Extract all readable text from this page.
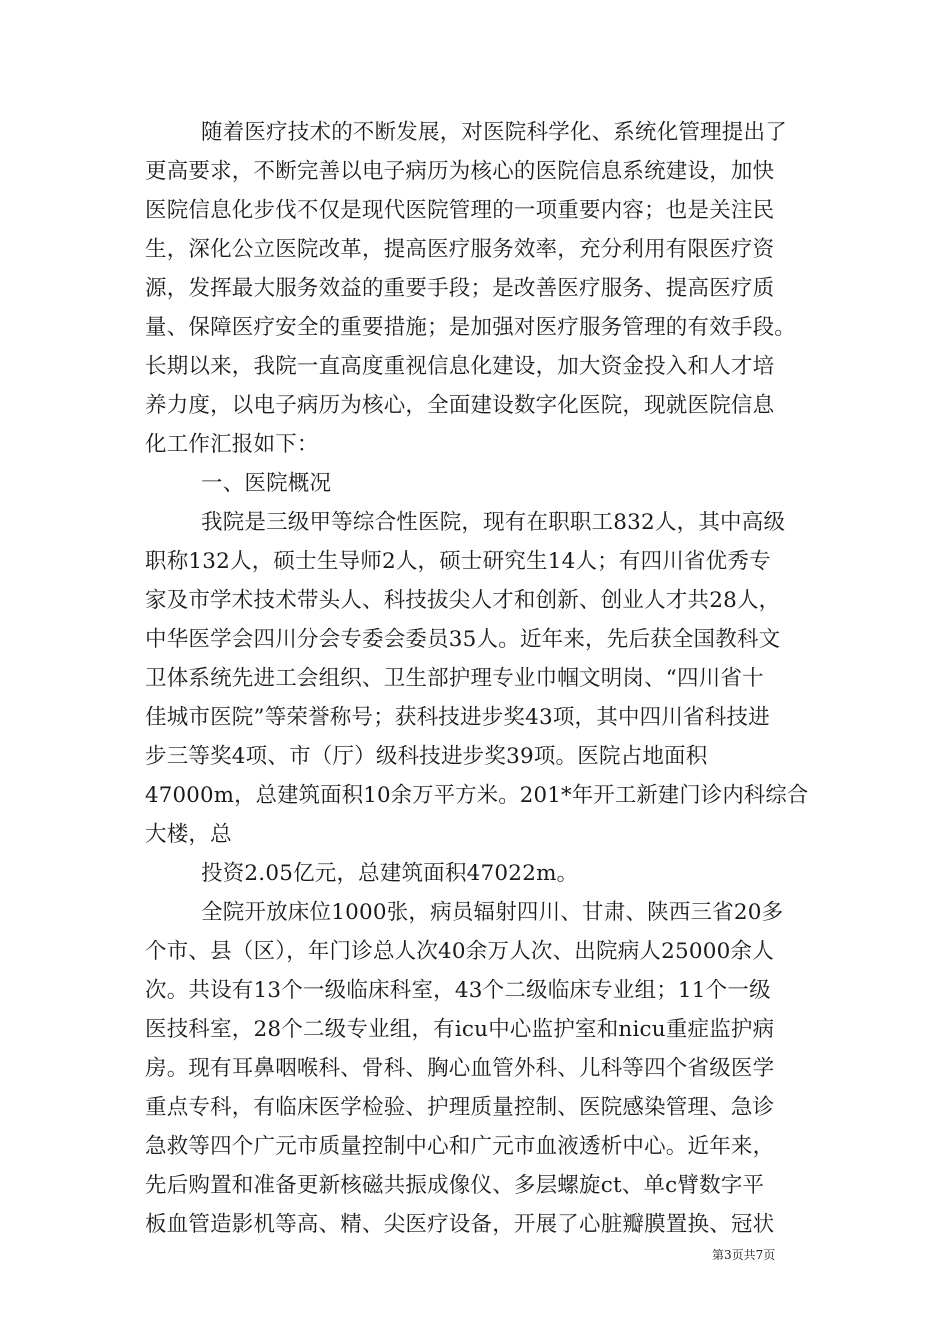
随着医疗技术的不断发展，对医院科学化、系统化管理提出了
更高要求，不断完善以电子病历为核心的医院信息系统建设，加快
医院信息化步伐不仅是现代医院管理的一项重要内容；也是关注民
生，深化公立医院改革，提高医疗服务效率，充分利用有限医疗资
源，发挥最大服务效益的重要手段；是改善医疗服务、提高医疗质
量、保障医疗安全的重要措施；是加强对医疗服务管理的有效手段。
长期以来，我院一直高度重视信息化建设，加大资金投入和人才培
养力度，以电子病历为核心，全面建设数字化医院，现就医院信息
化工作汇报如下：
一、医院概况
我院是三级甲等综合性医院，现有在职职工832人，其中高级
职称132人，硕士生导师2人，硕士研究生14人；有四川省优秀专
家及市学术技术带头人、科技拔尖人才和创新、创业人才共28人，
中华医学会四川分会专委会委员35人。近年来，先后获全国教科文
卫体系统先进工会组织、卫生部护理专业巾帼文明岗、“四川省十
佳城市医院”等荣誉称号；获科技进步奖43项，其中四川省科技进
步三等奖4项、市（厅）级科技进步奖39项。医院占地面积
47000m，总建筑面积10余万平方米。201*年开工新建门诊内科综合
大楼，总
投资2.05亿元，总建筑面积47022m。
全院开放床位1000张，病员辐射四川、甘肃、陕西三省20多
个市、县（区），年门诊总人次40余万人次、出院病人25000余人
次。共设有13个一级临床科室，43个二级临床专业组；11个一级
医技科室，28个二级专业组，有icu中心监护室和nicu重症监护病
房。现有耳鼻咽喉科、骨科、胸心血管外科、儿科等四个省级医学
重点专科，有临床医学检验、护理质量控制、医院感染管理、急诊
急救等四个广元市质量控制中心和广元市血液透析中心。近年来，
先后购置和准备更新核磁共振成像仪、多层螺旋ct、单c臂数字平
板血管造影机等高、精、尖医疗设备，开展了心脏瓣膜置换、冠状
第3页共7页
